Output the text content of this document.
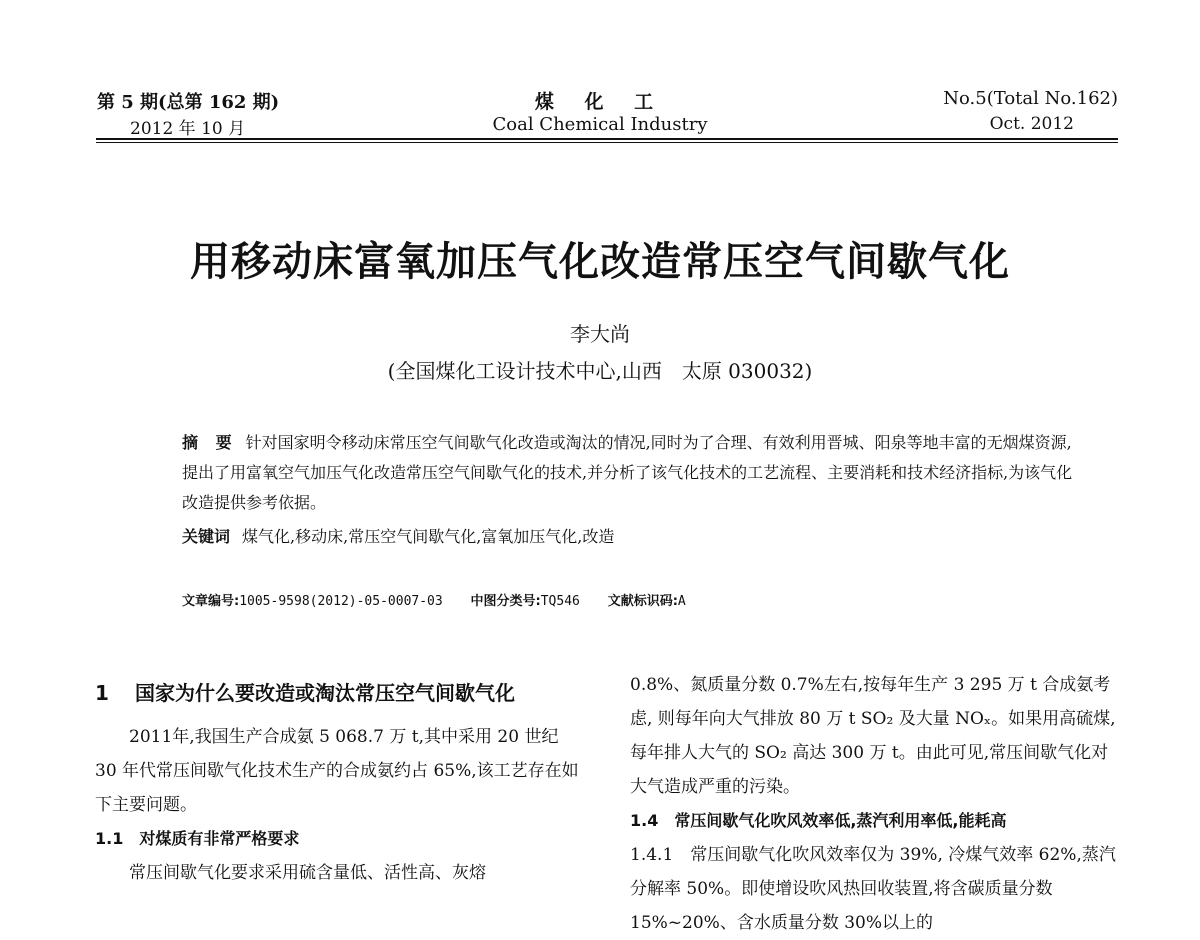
第 5 期(总第 162 期)
2012 年 10 月
煤 化 工
Coal Chemical Industry
No.5(Total No.162)
Oct. 2012
用移动床富氧加压气化改造常压空气间歇气化
李大尚
(全国煤化工设计技术中心,山西　太原 030032)
摘 要 针对国家明令移动床常压空气间歇气化改造或淘汰的情况,同时为了合理、有效利用晋城、阳泉等地丰富的无烟煤资源,提出了用富氧空气加压气化改造常压空气间歇气化的技术,并分析了该气化技术的工艺流程、主要消耗和技术经济指标,为该气化改造提供参考依据。
关键词 煤气化,移动床,常压空气间歇气化,富氧加压气化,改造
文章编号:1005-9598(2012)-05-0007-03 中图分类号:TQ546 文献标识码:A
1	国家为什么要改造或淘汰常压空气间歇气化
2011年,我国生产合成氨 5 068.7 万 t,其中采用 20 世纪 30 年代常压间歇气化技术生产的合成氨约占 65%,该工艺存在如下主要问题。
1.1 对煤质有非常严格要求
常压间歇气化要求采用硫含量低、活性高、灰熔
0.8%、氮质量分数 0.7%左右,按每年生产 3 295 万 t 合成氨考虑, 则每年向大气排放 80 万 t SO₂ 及大量 NOₓ。如果用高硫煤,每年排人大气的 SO₂ 高达 300 万 t。由此可见,常压间歇气化对大气造成严重的污染。
1.4 常压间歇气化吹风效率低,蒸汽利用率低,能耗高
1.4.1　常压间歇气化吹风效率仅为 39%, 冷煤气效率 62%,蒸汽分解率 50%。即使增设吹风热回收装置,将含碳质量分数 15%~20%、含水质量分数 30%以上的
